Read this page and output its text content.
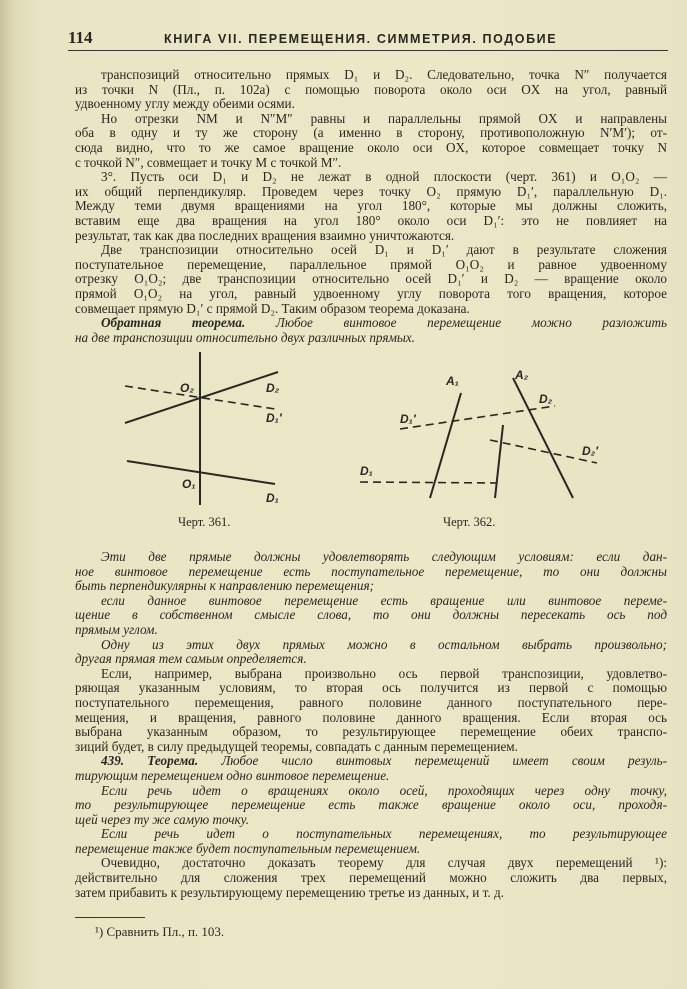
114	КНИГА VII. ПЕРЕМЕЩЕНИЯ. СИММЕТРИЯ. ПОДОБИЕ
транспозиций относительно прямых D₁ и D₂. Следовательно, точка N″ получается
из точки N (Пл., п. 102а) с помощью поворота около оси OX на угол, равный
удвоенному углу между обеими осями.
Но отрезки NM и N″M″ равны и параллельны прямой OX и направлены
оба в одну и ту же сторону (а именно в сторону, противоположную N′M′); от-
сюда видно, что то же самое вращение около оси OX, которое совмещает точку N
с точкой N″, совмещает и точку M с точкой M″.
3°. Пусть оси D₁ и D₂ не лежат в одной плоскости (черт. 361) и O₁O₂ —
их общий перпендикуляр. Проведем через точку O₂ прямую D₁′, параллельную D₁.
Между теми двумя вращениями на угол 180°, которые мы должны сложить,
вставим еще два вращения на угол 180° около оси D₁′: это не повлияет на
результат, так как два последних вращения взаимно уничтожаются.
Две транспозиции относительно осей D₁ и D₁′ дают в результате сложения
поступательное перемещение, параллельное прямой O₁O₂ и равное удвоенному
отрезку O₁O₂; две транспозиции относительно осей D₁′ и D₂ — вращение около
прямой O₁O₂ на угол, равный удвоенному углу поворота того вращения, которое
совмещает прямую D₁′ с прямой D₂. Таким образом теорема доказана.
Обратная теорема. Любое винтовое перемещение можно разложить
на две транспозиции относительно двух различных прямых.
O₂	D₂
D₁′
O₁
D₁
Черт. 361.
A₁	A₂
D₂
D₁′
D₂′
D₁
Черт. 362.
Эти две прямые должны удовлетворять следующим условиям: если дан-
ное винтовое перемещение есть поступательное перемещение, то они должны
быть перпендикулярны к направлению перемещения;
если данное винтовое перемещение есть вращение или винтовое переме-
щение в собственном смысле слова, то они должны пересекать ось под
прямым углом.
Одну из этих двух прямых можно в остальном выбрать произвольно;
другая прямая тем самым определяется.
Если, например, выбрана произвольно ось первой транспозиции, удовлетво-
ряющая указанным условиям, то вторая ось получится из первой с помощью
поступательного перемещения, равного половине данного поступательного пере-
мещения, и вращения, равного половине данного вращения. Если вторая ось
выбрана указанным образом, то результирующее перемещение обеих транспо-
зиций будет, в силу предыдущей теоремы, совпадать с данным перемещением.
439. Теорема. Любое число винтовых перемещений имеет своим резуль-
тирующим перемещением одно винтовое перемещение.
Если речь идет о вращениях около осей, проходящих через одну точку,
то результирующее перемещение есть также вращение около оси, проходя-
щей через ту же самую точку.
Если речь идет о поступательных перемещениях, то результирующее
перемещение также будет поступательным перемещением.
Очевидно, достаточно доказать теорему для случая двух перемещений ¹):
действительно для сложения трех перемещений можно сложить два первых,
затем прибавить к результирующему перемещению третье из данных, и т. д.
¹) Сравнить Пл., п. 103.
